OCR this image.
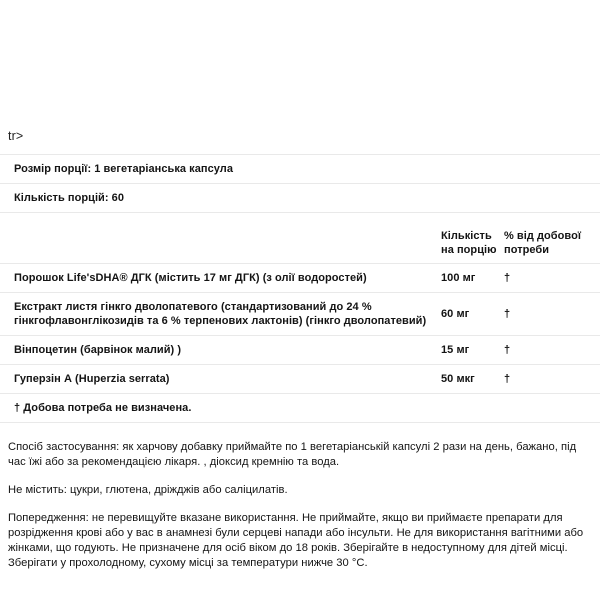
tr>
Розмір порції: 1 вегетаріанська капсула		
Кількість порцій: 60		

	Кількість на порцію	% від добової потреби
Порошок Life'sDHA® ДГК (містить 17 мг ДГК) (з олії водоростей)	100 мг	†
Екстракт листя гінкго дволопатевого (стандартизований до 24 % гінкгофлавонглікозидів та 6 % терпенових лактонів) (гінкго дволопатевий)	60 мг	†
Вінпоцетин (барвінок малий) )	15 мг	†
Гуперзін А (Huperzia serrata)	50 мкг	†
† Добова потреба не визначена.		

Спосіб застосування: як харчову добавку приймайте по 1 вегетаріанській капсулі 2 рази на день, бажано, під час їжі або за рекомендацією лікаря. , діоксид кремнію та вода.

Не містить: цукри, глютена, дріжджів або саліцилатів.

Попередження: не перевищуйте вказане використання. Не приймайте, якщо ви приймаєте препарати для розрідження крові або у вас в анамнезі були серцеві напади або інсульти. Не для використання вагітними або жінками, що годують. Не призначене для осіб віком до 18 років. Зберігайте в недоступному для дітей місці. Зберігати у прохолодному, сухому місці за температури нижче 30 °С.
